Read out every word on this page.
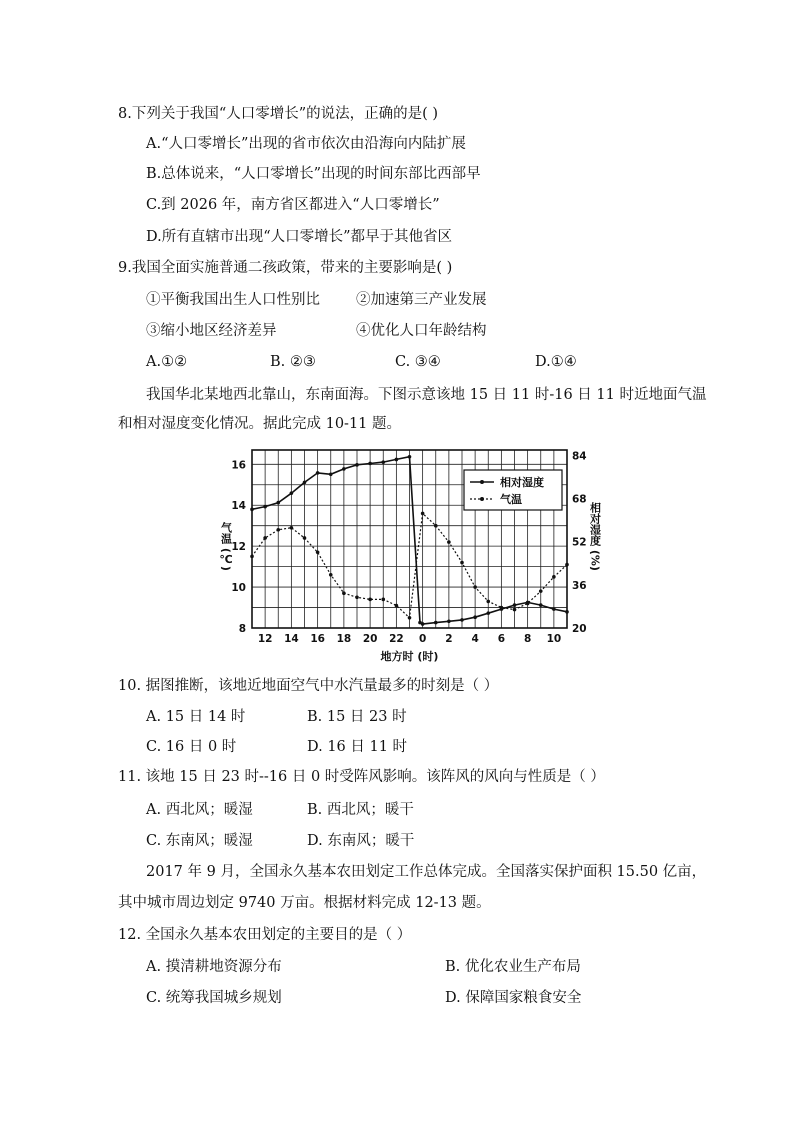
8.下列关于我国“人口零增长”的说法，正确的是( )
A.“人口零增长”出现的省市依次由沿海向内陆扩展
B.总体说来，“人口零增长”出现的时间东部比西部早
C.到 2026 年，南方省区都进入“人口零增长”
D.所有直辖市出现“人口零增长”都早于其他省区
9.我国全面实施普通二孩政策，带来的主要影响是( )
①平衡我国出生人口性别比 ②加速第三产业发展
③缩小地区经济差异	④优化人口年龄结构
A.①②	B. ②③	C. ③④	D.①④
我国华北某地西北靠山，东南面海。下图示意该地 15 日 11 时-16 日 11 时近地面气温
和相对湿度变化情况。据此完成 10-11 题。
相对湿度
气温
12 14 16 18 20 22 0 2 4 6 8 10
地方时 (时)
8
10
12
14
16
20
36
52
68
84
气温 (℃)	相对湿度 (%)
10. 据图推断，该地近地面空气中水汽量最多的时刻是（ ）
A. 15 日 14 时	B. 15 日 23 时
C. 16 日 0 时	D. 16 日 11 时
11. 该地 15 日 23 时--16 日 0 时受阵风影响。该阵风的风向与性质是（ ）
A. 西北风；暖湿	B. 西北风；暖干
C. 东南风；暖湿	D. 东南风；暖干
2017 年 9 月，全国永久基本农田划定工作总体完成。全国落实保护面积 15.50 亿亩，
其中城市周边划定 9740 万亩。根据材料完成 12-13 题。
12. 全国永久基本农田划定的主要目的是（ ）
A. 摸清耕地资源分布	B. 优化农业生产布局
C. 统筹我国城乡规划	D. 保障国家粮食安全
